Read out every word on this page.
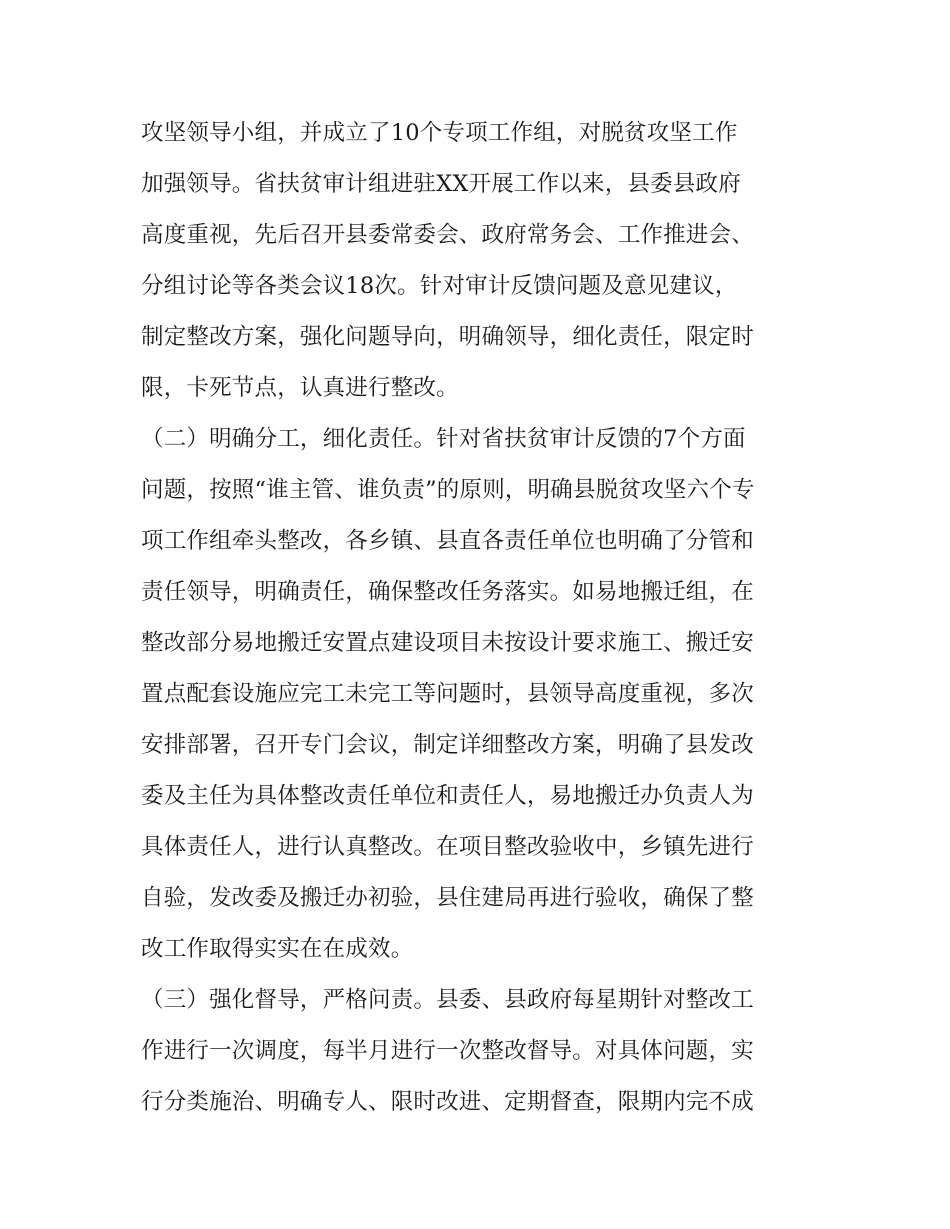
攻坚领导小组，并成立了10个专项工作组，对脱贫攻坚工作
加强领导。省扶贫审计组进驻XX开展工作以来，县委县政府
高度重视，先后召开县委常委会、政府常务会、工作推进会、
分组讨论等各类会议18次。针对审计反馈问题及意见建议，
制定整改方案，强化问题导向，明确领导，细化责任，限定时
限，卡死节点，认真进行整改。
（二）明确分工，细化责任。针对省扶贫审计反馈的7个方面
问题，按照“谁主管、谁负责”的原则，明确县脱贫攻坚六个专
项工作组牵头整改，各乡镇、县直各责任单位也明确了分管和
责任领导，明确责任，确保整改任务落实。如易地搬迁组，在
整改部分易地搬迁安置点建设项目未按设计要求施工、搬迁安
置点配套设施应完工未完工等问题时，县领导高度重视，多次
安排部署，召开专门会议，制定详细整改方案，明确了县发改
委及主任为具体整改责任单位和责任人，易地搬迁办负责人为
具体责任人，进行认真整改。在项目整改验收中，乡镇先进行
自验，发改委及搬迁办初验，县住建局再进行验收，确保了整
改工作取得实实在在成效。
（三）强化督导，严格问责。县委、县政府每星期针对整改工
作进行一次调度，每半月进行一次整改督导。对具体问题，实
行分类施治、明确专人、限时改进、定期督查，限期内完不成
